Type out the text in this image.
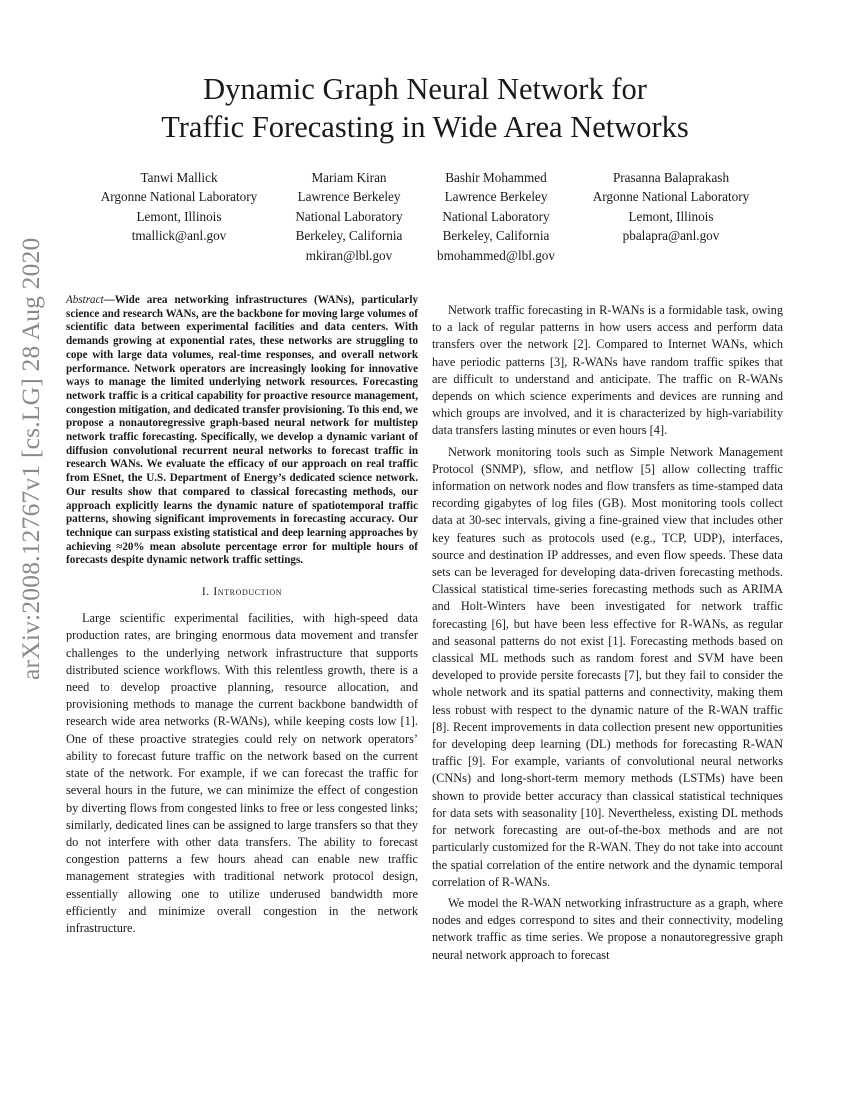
Dynamic Graph Neural Network for
Traffic Forecasting in Wide Area Networks
Tanwi Mallick
Argonne National Laboratory
Lemont, Illinois
tmallick@anl.gov
Mariam Kiran
Lawrence Berkeley
National Laboratory
Berkeley, California
mkiran@lbl.gov
Bashir Mohammed
Lawrence Berkeley
National Laboratory
Berkeley, California
bmohammed@lbl.gov
Prasanna Balaprakash
Argonne National Laboratory
Lemont, Illinois
pbalapra@anl.gov
arXiv:2008.12767v1 [cs.LG] 28 Aug 2020 Abstract—Wide area networking infrastructures (WANs), particularly science and research WANs, are the backbone for moving large volumes of scientific data between experimental facilities and data centers. With demands growing at exponential rates, these networks are struggling to cope with large data volumes, real-time responses, and overall network performance. Network operators are increasingly looking for innovative ways to manage the limited underlying network resources. Forecasting network traffic is a critical capability for proactive resource management, congestion mitigation, and dedicated transfer provisioning. To this end, we propose a nonautoregressive graph-based neural network for multistep network traffic forecasting. Specifically, we develop a dynamic variant of diffusion convolutional recurrent neural networks to forecast traffic in research WANs. We evaluate the efficacy of our approach on real traffic from ESnet, the U.S. Department of Energy’s dedicated science network. Our results show that compared to classical forecasting methods, our approach explicitly learns the dynamic nature of spatiotemporal traffic patterns, showing significant improvements in forecasting accuracy. Our technique can surpass existing statistical and deep learning approaches by achieving ≈20% mean absolute percentage error for multiple hours of forecasts despite dynamic network traffic settings.
I. Introduction

Large scientific experimental facilities, with high-speed data production rates, are bringing enormous data movement and transfer challenges to the underlying network infrastructure that supports distributed science workflows. With this relentless growth, there is a need to develop proactive planning, resource allocation, and provisioning methods to manage the current backbone bandwidth of research wide area networks (R-WANs), while keeping costs low [1]. One of these proactive strategies could rely on network operators’ ability to forecast future traffic on the network based on the current state of the network. For example, if we can forecast the traffic for several hours in the future, we can minimize the effect of congestion by diverting flows from congested links to free or less congested links; similarly, dedicated lines can be assigned to large transfers so that they do not interfere with other data transfers. The ability to forecast congestion patterns a few hours ahead can enable new traffic management strategies with traditional network protocol design, essentially allowing one to utilize underused bandwidth more efficiently and minimize overall congestion in the network infrastructure.

Network traffic forecasting in R-WANs is a formidable task, owing to a lack of regular patterns in how users access and perform data transfers over the network [2]. Compared to Internet WANs, which have periodic patterns [3], R-WANs have random traffic spikes that are difficult to understand and anticipate. The traffic on R-WANs depends on which science experiments and devices are running and which groups are involved, and it is characterized by high-variability data transfers lasting minutes or even hours [4].

Network monitoring tools such as Simple Network Management Protocol (SNMP), sflow, and netflow [5] allow collecting traffic information on network nodes and flow transfers as time-stamped data recording gigabytes of log files (GB). Most monitoring tools collect data at 30-sec intervals, giving a fine-grained view that includes other key features such as protocols used (e.g., TCP, UDP), interfaces, source and destination IP addresses, and even flow speeds. These data sets can be leveraged for developing data-driven forecasting methods. Classical statistical time-series forecasting methods such as ARIMA and Holt-Winters have been investigated for network traffic forecasting [6], but have been less effective for R-WANs, as regular and seasonal patterns do not exist [1]. Forecasting methods based on classical ML methods such as random forest and SVM have been developed to provide persite forecasts [7], but they fail to consider the whole network and its spatial patterns and connectivity, making them less robust with respect to the dynamic nature of the R-WAN traffic [8]. Recent improvements in data collection present new opportunities for developing deep learning (DL) methods for forecasting R-WAN traffic [9]. For example, variants of convolutional neural networks (CNNs) and long-short-term memory methods (LSTMs) have been shown to provide better accuracy than classical statistical techniques for data sets with seasonality [10]. Nevertheless, existing DL methods for network forecasting are out-of-the-box methods and are not particularly customized for the R-WAN. They do not take into account the spatial correlation of the entire network and the dynamic temporal correlation of R-WANs.

We model the R-WAN networking infrastructure as a graph, where nodes and edges correspond to sites and their connectivity, modeling network traffic as time series. We propose a nonautoregressive graph neural network approach to forecast
